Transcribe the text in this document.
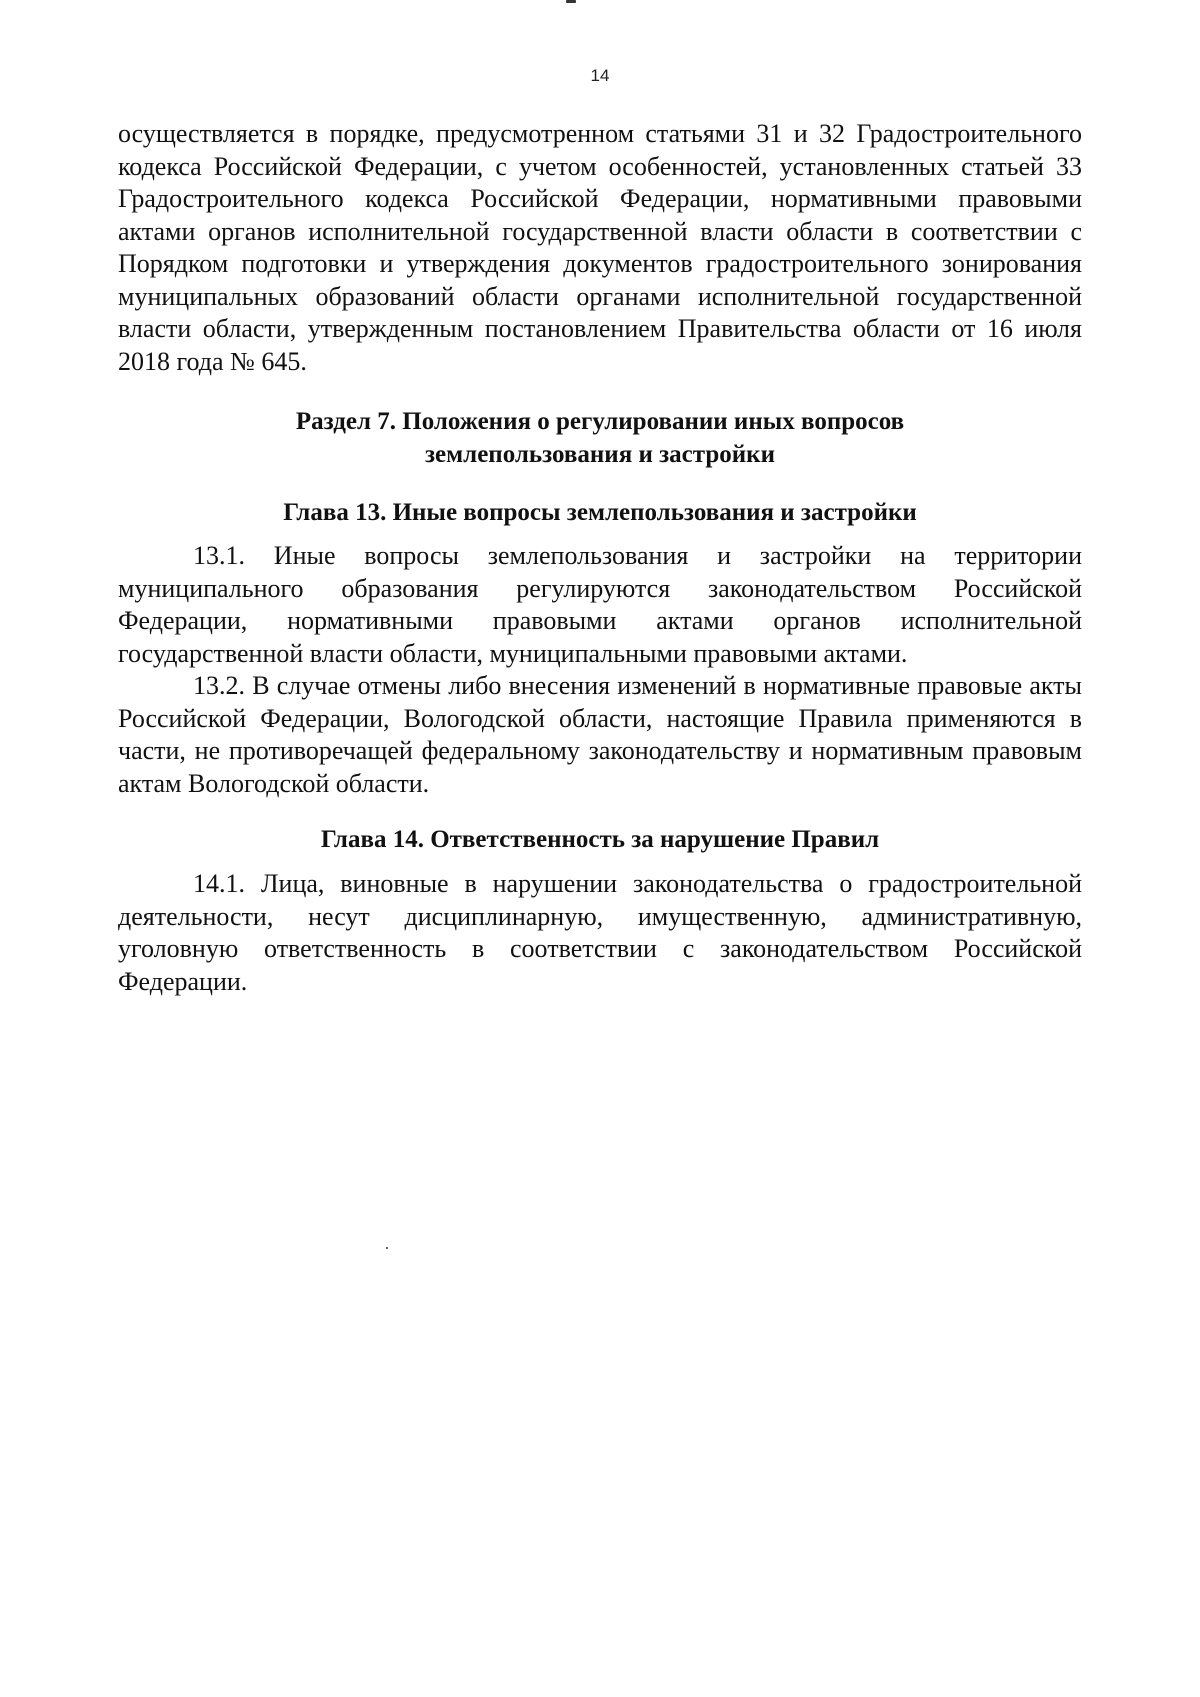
14

осуществляется в порядке, предусмотренном статьями 31 и 32 Градостроительного кодекса Российской Федерации, с учетом особенностей, установленных статьей 33 Градостроительного кодекса Российской Федерации, нормативными правовыми актами органов исполнительной государственной власти области в соответствии с Порядком подготовки и утверждения документов градостроительного зонирования муниципальных образований области органами исполнительной государственной власти области, утвержденным постановлением Правительства области от 16 июля 2018 года № 645.

Раздел 7. Положения о регулировании иных вопросов
землепользования и застройки
Глава 13. Иные вопросы землепользования и застройки

13.1. Иные вопросы землепользования и застройки на территории муниципального образования регулируются законодательством Российской Федерации, нормативными правовыми актами органов исполнительной государственной власти области, муниципальными правовыми актами.

13.2. В случае отмены либо внесения изменений в нормативные правовые акты Российской Федерации, Вологодской области, настоящие Правила применяются в части, не противоречащей федеральному законодательству и нормативным правовым актам Вологодской области.

Глава 14. Ответственность за нарушение Правил

14.1. Лица, виновные в нарушении законодательства о градостроительной деятельности, несут дисциплинарную, имущественную, административную, уголовную ответственность в соответствии с законодательством Российской Федерации.
